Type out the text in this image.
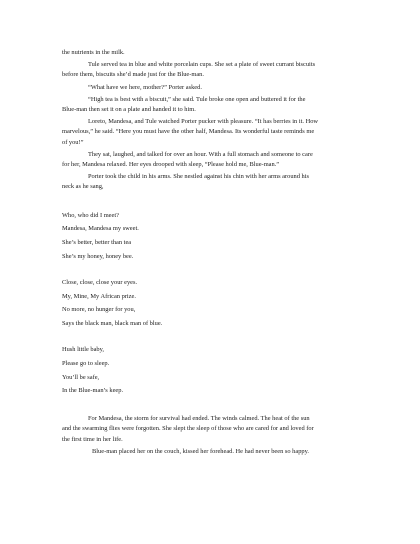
the nutrients in the milk.
Tule served tea in blue and white porcelain cups. She set a plate of sweet currant biscuits
before them, biscuits she’d made just for the Blue-man.
“What have we here, mother?” Porter asked.
“High tea is best with a biscuit,” she said. Tule broke one open and buttered it for the
Blue-man then set it on a plate and handed it to him.
Loreto, Mandesa, and Tule watched Porter pucker with pleasure. “It has berries in it. How
marvelous,” he said. “Here you must have the other half, Mandesa. Its wonderful taste reminds me
of you!”
They sat, laughed, and talked for over an hour. With a full stomach and someone to care
for her, Mandesa relaxed. Her eyes drooped with sleep, “Please hold me, Blue-man.”
Porter took the child in his arms. She nestled against his chin with her arms around his
neck as he sang,
Who, who did I meet?
Mandesa, Mandesa my sweet.
She’s better, better than tea
She’s my honey, honey bee.
Close, close, close your eyes.
My, Mine, My African prize.
No more, no hunger for you,
Says the black man, black man of blue.
Hush little baby,
Please go to sleep.
You’ll be safe,
In the Blue-man’s keep.
For Mandesa, the storm for survival had ended. The winds calmed. The heat of the sun
and the swarming flies were forgotten. She slept the sleep of those who are cared for and loved for
the first time in her life.
Blue-man placed her on the couch, kissed her forehead. He had never been so happy.
